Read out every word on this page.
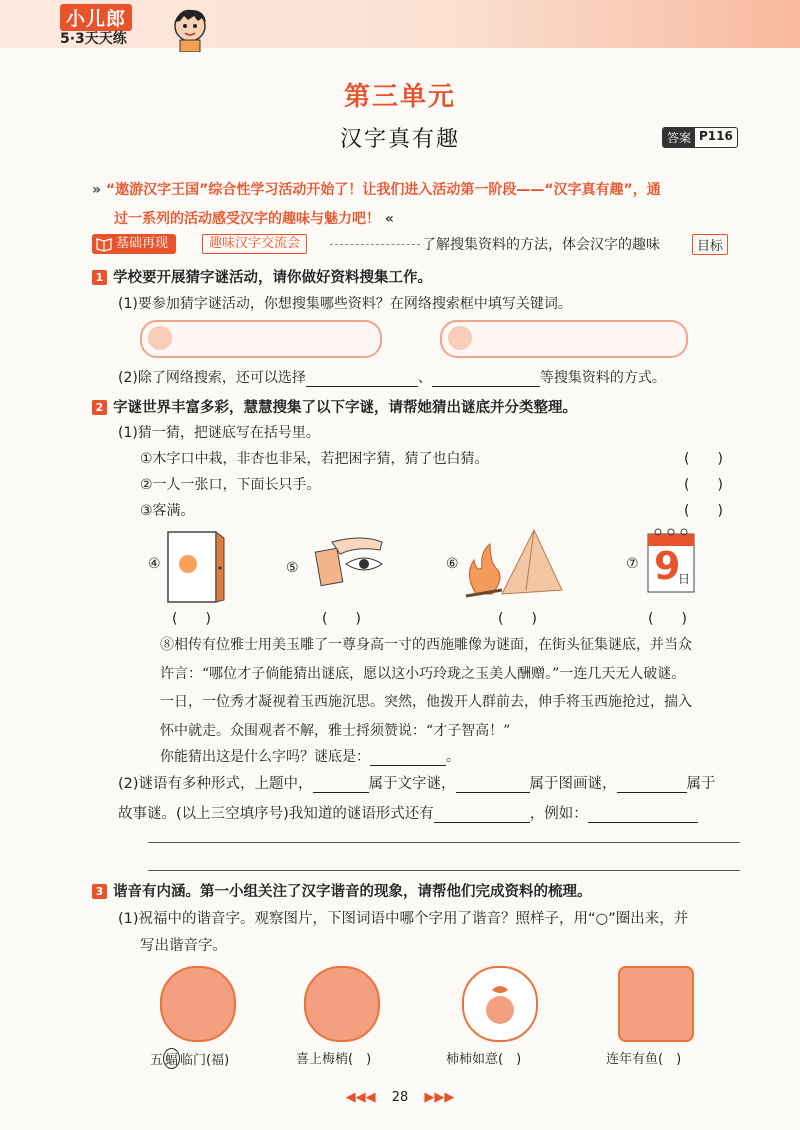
小儿郎
5·3天天练
第三单元
汉字真有趣	答案 P116
» “遨游汉字王国”综合性学习活动开始了！让我们进入活动第一阶段——“汉字真有趣”，通
过一系列的活动感受汉字的趣味与魅力吧！ «
基础再现	趣味汉字交流会	了解搜集资料的方法，体会汉字的趣味	目标
1 学校要开展猜字谜活动，请你做好资料搜集工作。
(1)要参加猜字谜活动，你想搜集哪些资料？在网络搜索框中填写关键词。
(2)除了网络搜索，还可以选择	、	等搜集资料的方式。
2 字谜世界丰富多彩，慧慧搜集了以下字谜，请帮她猜出谜底并分类整理。
(1)猜一猜，把谜底写在括号里。
①木字口中栽，非杏也非呆，若把困字猜，猜了也白猜。
②一人一张口，下面长只手。
③客满。
(　　)
(　　)
(　　)
④
(　　)
⑤
(　　)
⑥
(　　)
⑦ 9
日
(　　)

⑧相传有位雅士用美玉雕了一尊身高一寸的西施雕像为谜面，在街头征集谜底，并当众

许言：“哪位才子倘能猜出谜底，愿以这小巧玲珑之玉美人酬赠。”一连几天无人破谜。

一日，一位秀才凝视着玉西施沉思。突然，他拨开人群前去，伸手将玉西施抢过，揣入

怀中就走。众围观者不解，雅士捋须赞说：“才子智高！”

你能猜出这是什么字吗？谜底是：	。
(2)谜语有多种形式，上题中，	属于文字谜，	属于图画谜，	属于
故事谜。(以上三空填序号)我知道的谜语形式还有	，例如：
3 谐音有内涵。第一小组关注了汉字谐音的现象，请帮他们完成资料的梳理。
(1)祝福中的谐音字。观察图片，下图词语中哪个字用了谐音？照样子，用“○”圈出来，并
写出谐音字。
五 蝠 临门(福)	喜上梅梢(　)	柿柿如意(　)	连年有鱼(　)
◀◀◀ 28 ▶▶▶
